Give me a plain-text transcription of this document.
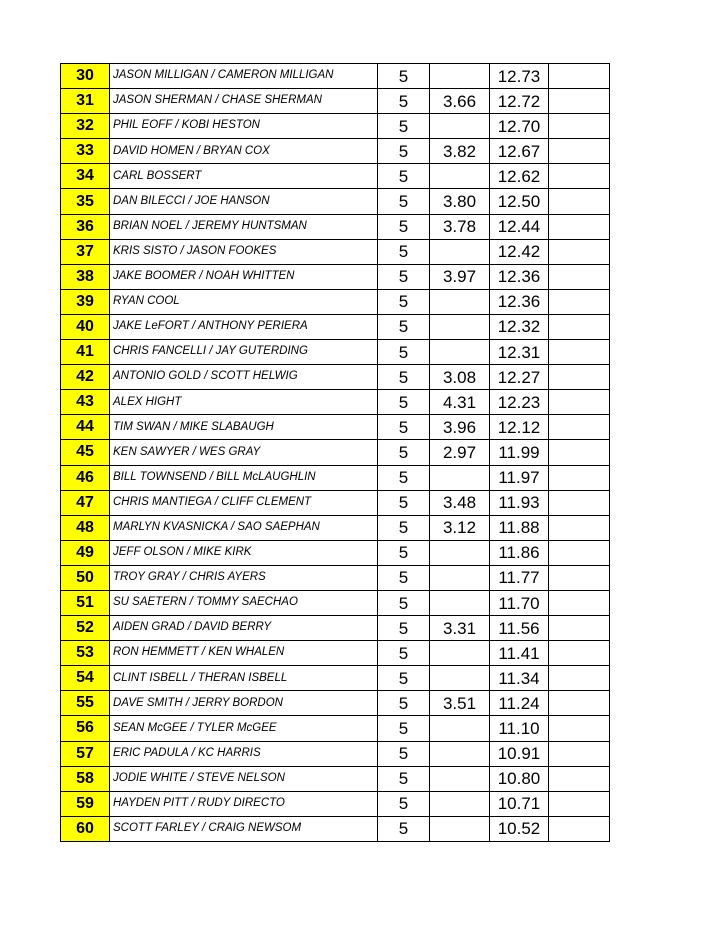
30	JASON MILLIGAN / CAMERON MILLIGAN	5		12.73	
31	JASON SHERMAN / CHASE SHERMAN	5	3.66	12.72	
32	PHIL EOFF / KOBI HESTON	5		12.70	
33	DAVID HOMEN / BRYAN COX	5	3.82	12.67	
34	CARL BOSSERT	5		12.62	
35	DAN BILECCI / JOE HANSON	5	3.80	12.50	
36	BRIAN NOEL / JEREMY HUNTSMAN	5	3.78	12.44	
37	KRIS SISTO / JASON FOOKES	5		12.42	
38	JAKE BOOMER / NOAH WHITTEN	5	3.97	12.36	
39	RYAN COOL	5		12.36	
40	JAKE LeFORT / ANTHONY PERIERA	5		12.32	
41	CHRIS FANCELLI / JAY GUTERDING	5		12.31	
42	ANTONIO GOLD / SCOTT HELWIG	5	3.08	12.27	
43	ALEX HIGHT	5	4.31	12.23	
44	TIM SWAN / MIKE SLABAUGH	5	3.96	12.12	
45	KEN SAWYER / WES GRAY	5	2.97	11.99	
46	BILL TOWNSEND / BILL McLAUGHLIN	5		11.97	
47	CHRIS MANTIEGA / CLIFF CLEMENT	5	3.48	11.93	
48	MARLYN KVASNICKA / SAO SAEPHAN	5	3.12	11.88	
49	JEFF OLSON / MIKE KIRK	5		11.86	
50	TROY GRAY / CHRIS AYERS	5		11.77	
51	SU SAETERN / TOMMY SAECHAO	5		11.70	
52	AIDEN GRAD / DAVID BERRY	5	3.31	11.56	
53	RON HEMMETT / KEN WHALEN	5		11.41	
54	CLINT ISBELL / THERAN ISBELL	5		11.34	
55	DAVE SMITH / JERRY BORDON	5	3.51	11.24	
56	SEAN McGEE / TYLER McGEE	5		11.10	
57	ERIC PADULA / KC HARRIS	5		10.91	
58	JODIE WHITE / STEVE NELSON	5		10.80	
59	HAYDEN PITT / RUDY DIRECTO	5		10.71	
60	SCOTT FARLEY / CRAIG NEWSOM	5		10.52	
